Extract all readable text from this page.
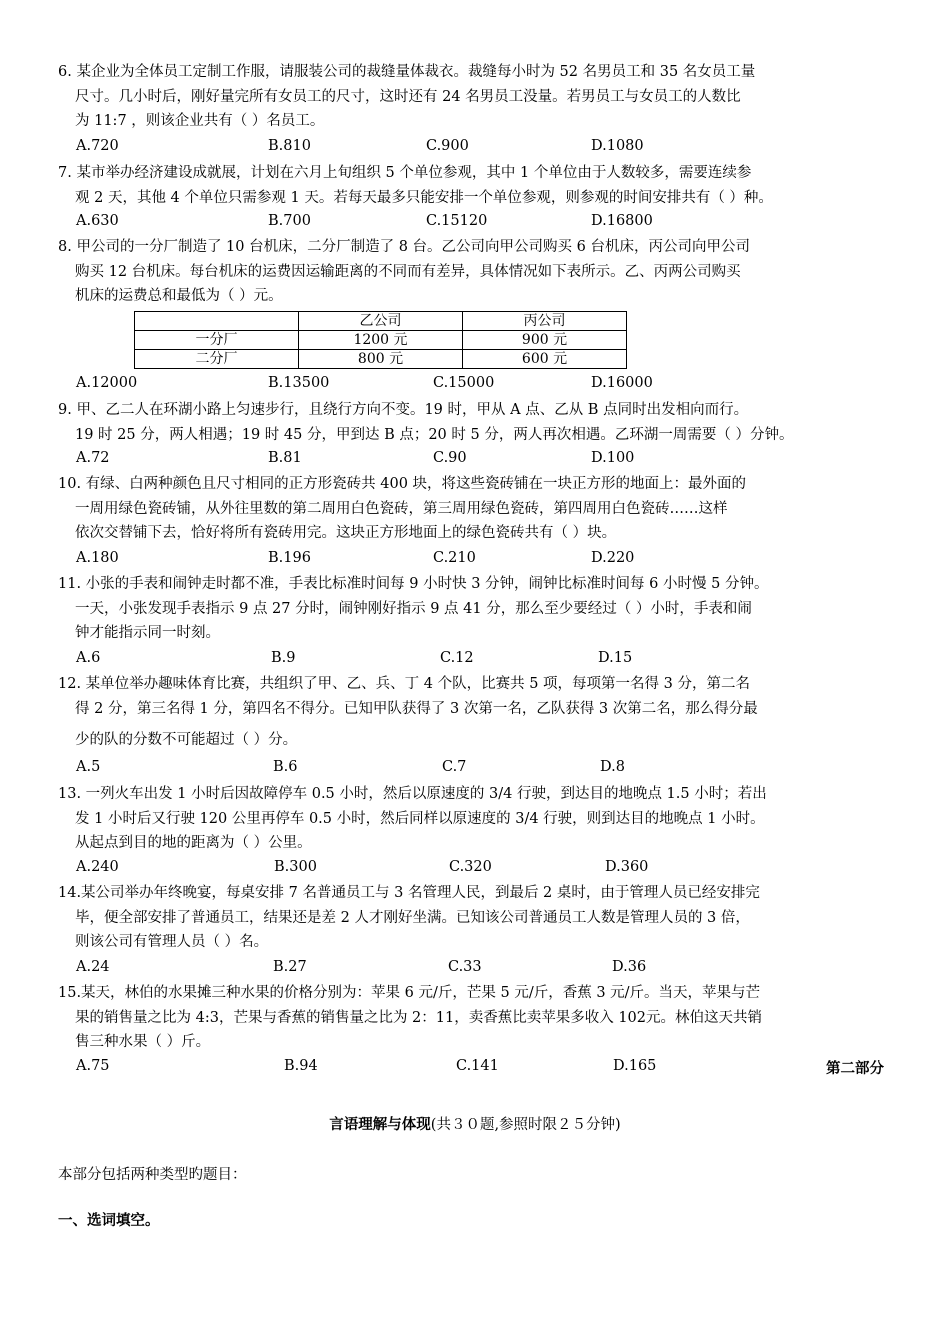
6. 某企业为全体员工定制工作服，请服装公司的裁缝量体裁衣。裁缝每小时为 52 名男员工和 35 名女员工量

尺寸。几小时后，刚好量完所有女员工的尺寸，这时还有 24 名男员工没量。若男员工与女员工的人数比

为 11:7 ，则该企业共有（ ）名员工。

A.720	B.810	C.900	D.1080

7. 某市举办经济建设成就展，计划在六月上旬组织 5 个单位参观，其中 1 个单位由于人数较多，需要连续参

观 2 天，其他 4 个单位只需参观 1 天。若每天最多只能安排一个单位参观，则参观的时间安排共有（ ）种。

A.630	B.700	C.15120	D.16800

8. 甲公司的一分厂制造了 10 台机床，二分厂制造了 8 台。乙公司向甲公司购买 6 台机床，丙公司向甲公司

购买 12 台机床。每台机床的运费因运输距离的不同而有差异，具体情况如下表所示。乙、丙两公司购买

机床的运费总和最低为（ ）元。

	乙公司	丙公司
一分厂	1200 元	900 元
二分厂	800 元	600 元
A.12000	B.13500	C.15000	D.16000

9. 甲、乙二人在环湖小路上匀速步行，且绕行方向不变。19 时，甲从 A 点、乙从 B 点同时出发相向而行。

19 时 25 分，两人相遇；19 时 45 分，甲到达 B 点；20 时 5 分，两人再次相遇。乙环湖一周需要（ ）分钟。

A.72	B.81	C.90	D.100

10. 有绿、白两种颜色且尺寸相同的正方形瓷砖共 400 块，将这些瓷砖铺在一块正方形的地面上：最外面的

一周用绿色瓷砖铺，从外往里数的第二周用白色瓷砖，第三周用绿色瓷砖，第四周用白色瓷砖……这样

依次交替铺下去，恰好将所有瓷砖用完。这块正方形地面上的绿色瓷砖共有（ ）块。

A.180	B.196	C.210	D.220

11. 小张的手表和闹钟走时都不准，手表比标准时间每 9 小时快 3 分钟，闹钟比标准时间每 6 小时慢 5 分钟。

一天，小张发现手表指示 9 点 27 分时，闹钟刚好指示 9 点 41 分，那么至少要经过（ ）小时，手表和闹

钟才能指示同一时刻。

A.6	B.9	C.12	D.15

12. 某单位举办趣味体育比赛，共组织了甲、乙、兵、丁 4 个队，比赛共 5 项，每项第一名得 3 分，第二名

得 2 分，第三名得 1 分，第四名不得分。已知甲队获得了 3 次第一名，乙队获得 3 次第二名，那么得分最

少的队的分数不可能超过（ ）分。

A.5	B.6	C.7	D.8

13. 一列火车出发 1 小时后因故障停车 0.5 小时，然后以原速度的 3/4 行驶，到达目的地晚点 1.5 小时；若出

发 1 小时后又行驶 120 公里再停车 0.5 小时，然后同样以原速度的 3/4 行驶，则到达目的地晚点 1 小时。

从起点到目的地的距离为（ ）公里。

A.240	B.300	C.320	D.360

14.某公司举办年终晚宴，每桌安排 7 名普通员工与 3 名管理人民，到最后 2 桌时，由于管理人员已经安排完

毕，便全部安排了普通员工，结果还是差 2 人才刚好坐满。已知该公司普通员工人数是管理人员的 3 倍，

则该公司有管理人员（ ）名。

A.24	B.27	C.33	D.36

15.某天，林伯的水果摊三种水果的价格分别为：苹果 6 元/斤，芒果 5 元/斤，香蕉 3 元/斤。当天，苹果与芒

果的销售量之比为 4:3，芒果与香蕉的销售量之比为 2：11，卖香蕉比卖苹果多收入 102元。林伯这天共销

售三种水果（ ）斤。

A.75	B.94	C.141	D.165	第二部分
言语理解与体现(共３０题,参照时限２５分钟)
本部分包括两种类型旳题目：
一、选词填空。
